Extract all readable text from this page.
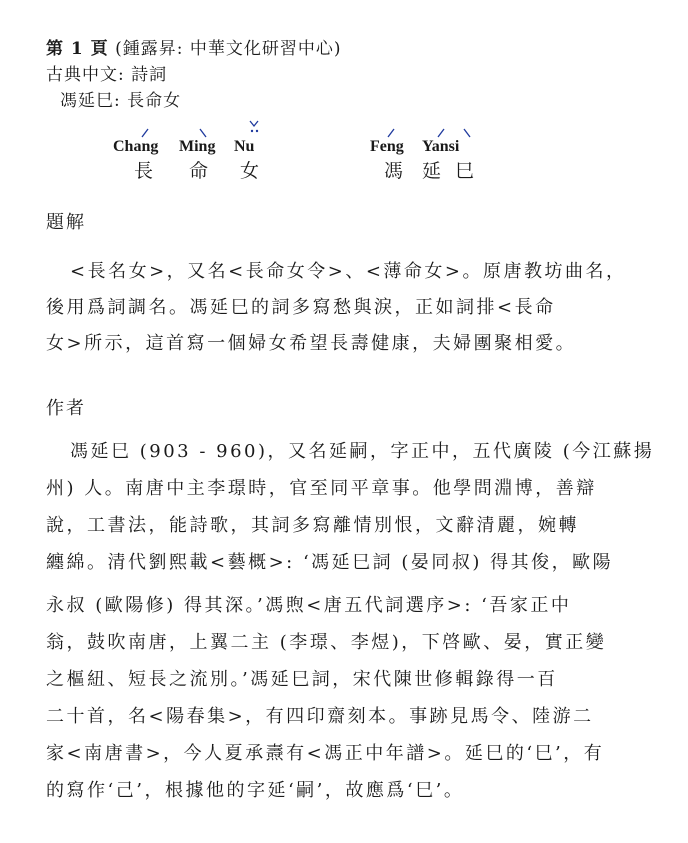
第 1 頁 (鍾露昇: 中華文化研習中心)
古典中文: 詩詞
馮延巳: 長命女
Chang
長
Ming
命
Nu
女
Feng
馮
Yansi
延 巳
題解
<長名女>，又名<長命女令>、<薄命女>。原唐教坊曲名，
後用爲詞調名。馮延巳的詞多寫愁與淚，正如詞排<長命
女>所示，這首寫一個婦女希望長壽健康，夫婦團聚相愛。
作者
馮延巳 (903 - 960)，又名延嗣，字正中，五代廣陵 (今江蘇揚
州) 人。南唐中主李璟時，官至同平章事。他學問淵博，善辯
說，工書法，能詩歌，其詞多寫離情別恨，文辭清麗，婉轉
纏綿。清代劉熙載<藝概>: ‘馮延巳詞 (晏同叔) 得其俊，歐陽
永叔 (歐陽修) 得其深。’馮煦<唐五代詞選序>: ‘吾家正中
翁，鼓吹南唐，上翼二主 (李璟、李煜)，下啓歐、晏，實正變
之樞紐、短長之流別。’馮延巳詞，宋代陳世修輯錄得一百
二十首，名<陽春集>，有四印齋刻本。事跡見馬令、陸游二
家<南唐書>，今人夏承燾有<馮正中年譜>。延巳的‘巳’，有
的寫作‘己’，根據他的字延‘嗣’，故應爲‘巳’。
